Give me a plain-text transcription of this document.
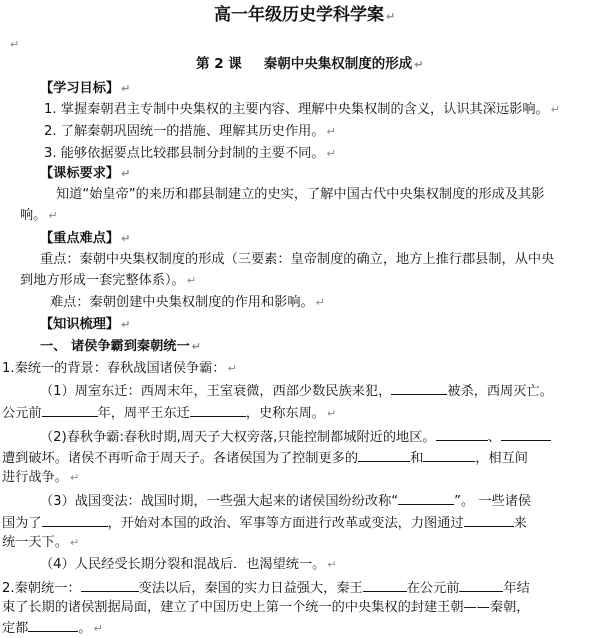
高一年级历史学科学案 ↵
↵
第 2 课 秦朝中央集权制度的形成 ↵
【学习目标】 ↵
1. 掌握秦朝君主专制中央集权的主要内容、理解中央集权制的含义，认识其深远影响。 ↵
2. 了解秦朝巩固统一的措施、理解其历史作用。 ↵
3. 能够依据要点比较郡县制分封制的主要不同。 ↵
【课标要求】 ↵
知道“始皇帝”的来历和郡县制建立的史实，了解中国古代中央集权制度的形成及其影
响。 ↵
【重点难点】 ↵
重点：秦朝中央集权制度的形成（三要素：皇帝制度的确立，地方上推行郡县制，从中央
到地方形成一套完整体系）。 ↵
难点：秦朝创建中央集权制度的作用和影响。 ↵
【知识梳理】 ↵
一、 诸侯争霸到秦朝统一 ↵
1.秦统一的背景：春秋战国诸侯争霸： ↵
（1）周室东迁：西周末年，王室衰微，西部少数民族来犯，	被杀，西周灭亡。
公元前	年，周平王东迁	，史称东周。 ↵
（2)春秋争霸:春秋时期,周天子大权旁落,只能控制都城附近的地区。	、
遭到破坏。诸侯不再听命于周天子。各诸侯国为了控制更多的	和	，相互间
进行战争。 ↵
（3）战国变法：战国时期，一些强大起来的诸侯国纷纷改称“	”。 一些诸侯
国为了	，开始对本国的政治、军事等方面进行改革或变法，力图通过	来
统一天下。 ↵
（4）人民经受长期分裂和混战后．也渴望统一。 ↵
2.秦朝统一：	变法以后，秦国的实力日益强大，秦王	在公元前	年结
束了长期的诸侯割据局面，建立了中国历史上第一个统一的中央集权的封建王朝——秦朝，
定都	。 ↵
